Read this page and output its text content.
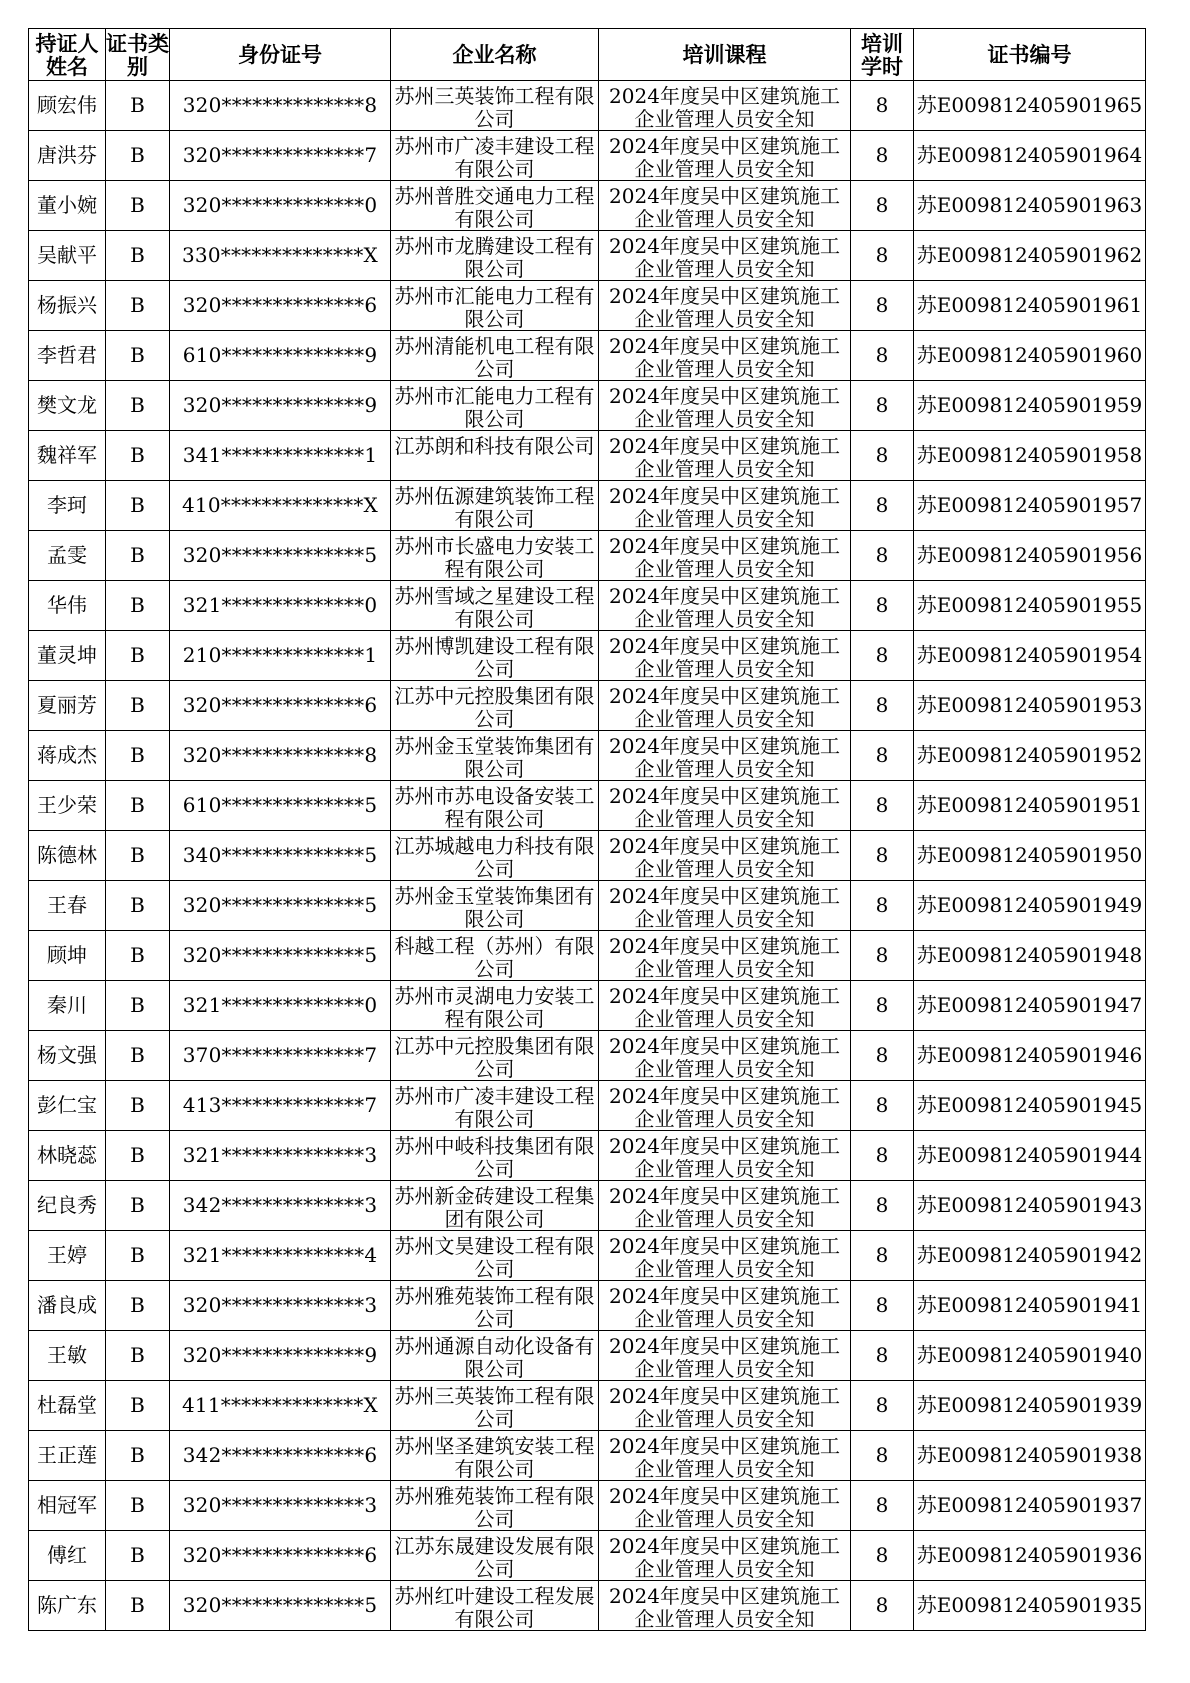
持证人姓名	证书类别	身份证号	企业名称	培训课程	培训学时	证书编号
顾宏伟	B	320**************8	苏州三英装饰工程有限公司	2024年度吴中区建筑施工企业管理人员安全知	8	苏E009812405901965
唐洪芬	B	320**************7	苏州市广凌丰建设工程有限公司	2024年度吴中区建筑施工企业管理人员安全知	8	苏E009812405901964
董小婉	B	320**************0	苏州普胜交通电力工程有限公司	2024年度吴中区建筑施工企业管理人员安全知	8	苏E009812405901963
吴献平	B	330**************X	苏州市龙腾建设工程有限公司	2024年度吴中区建筑施工企业管理人员安全知	8	苏E009812405901962
杨振兴	B	320**************6	苏州市汇能电力工程有限公司	2024年度吴中区建筑施工企业管理人员安全知	8	苏E009812405901961
李哲君	B	610**************9	苏州清能机电工程有限公司	2024年度吴中区建筑施工企业管理人员安全知	8	苏E009812405901960
樊文龙	B	320**************9	苏州市汇能电力工程有限公司	2024年度吴中区建筑施工企业管理人员安全知	8	苏E009812405901959
魏祥军	B	341**************1	江苏朗和科技有限公司	2024年度吴中区建筑施工企业管理人员安全知	8	苏E009812405901958
李珂	B	410**************X	苏州伍源建筑装饰工程有限公司	2024年度吴中区建筑施工企业管理人员安全知	8	苏E009812405901957
孟雯	B	320**************5	苏州市长盛电力安装工程有限公司	2024年度吴中区建筑施工企业管理人员安全知	8	苏E009812405901956
华伟	B	321**************0	苏州雪域之星建设工程有限公司	2024年度吴中区建筑施工企业管理人员安全知	8	苏E009812405901955
董灵坤	B	210**************1	苏州博凯建设工程有限公司	2024年度吴中区建筑施工企业管理人员安全知	8	苏E009812405901954
夏丽芳	B	320**************6	江苏中元控股集团有限公司	2024年度吴中区建筑施工企业管理人员安全知	8	苏E009812405901953
蒋成杰	B	320**************8	苏州金玉堂装饰集团有限公司	2024年度吴中区建筑施工企业管理人员安全知	8	苏E009812405901952
王少荣	B	610**************5	苏州市苏电设备安装工程有限公司	2024年度吴中区建筑施工企业管理人员安全知	8	苏E009812405901951
陈德林	B	340**************5	江苏城越电力科技有限公司	2024年度吴中区建筑施工企业管理人员安全知	8	苏E009812405901950
王春	B	320**************5	苏州金玉堂装饰集团有限公司	2024年度吴中区建筑施工企业管理人员安全知	8	苏E009812405901949
顾坤	B	320**************5	科越工程（苏州）有限公司	2024年度吴中区建筑施工企业管理人员安全知	8	苏E009812405901948
秦川	B	321**************0	苏州市灵湖电力安装工程有限公司	2024年度吴中区建筑施工企业管理人员安全知	8	苏E009812405901947
杨文强	B	370**************7	江苏中元控股集团有限公司	2024年度吴中区建筑施工企业管理人员安全知	8	苏E009812405901946
彭仁宝	B	413**************7	苏州市广凌丰建设工程有限公司	2024年度吴中区建筑施工企业管理人员安全知	8	苏E009812405901945
林晓蕊	B	321**************3	苏州中岐科技集团有限公司	2024年度吴中区建筑施工企业管理人员安全知	8	苏E009812405901944
纪良秀	B	342**************3	苏州新金砖建设工程集团有限公司	2024年度吴中区建筑施工企业管理人员安全知	8	苏E009812405901943
王婷	B	321**************4	苏州文昊建设工程有限公司	2024年度吴中区建筑施工企业管理人员安全知	8	苏E009812405901942
潘良成	B	320**************3	苏州雅苑装饰工程有限公司	2024年度吴中区建筑施工企业管理人员安全知	8	苏E009812405901941
王敏	B	320**************9	苏州通源自动化设备有限公司	2024年度吴中区建筑施工企业管理人员安全知	8	苏E009812405901940
杜磊堂	B	411**************X	苏州三英装饰工程有限公司	2024年度吴中区建筑施工企业管理人员安全知	8	苏E009812405901939
王正莲	B	342**************6	苏州坚圣建筑安装工程有限公司	2024年度吴中区建筑施工企业管理人员安全知	8	苏E009812405901938
相冠军	B	320**************3	苏州雅苑装饰工程有限公司	2024年度吴中区建筑施工企业管理人员安全知	8	苏E009812405901937
傅红	B	320**************6	江苏东晟建设发展有限公司	2024年度吴中区建筑施工企业管理人员安全知	8	苏E009812405901936
陈广东	B	320**************5	苏州红叶建设工程发展有限公司	2024年度吴中区建筑施工企业管理人员安全知	8	苏E009812405901935
